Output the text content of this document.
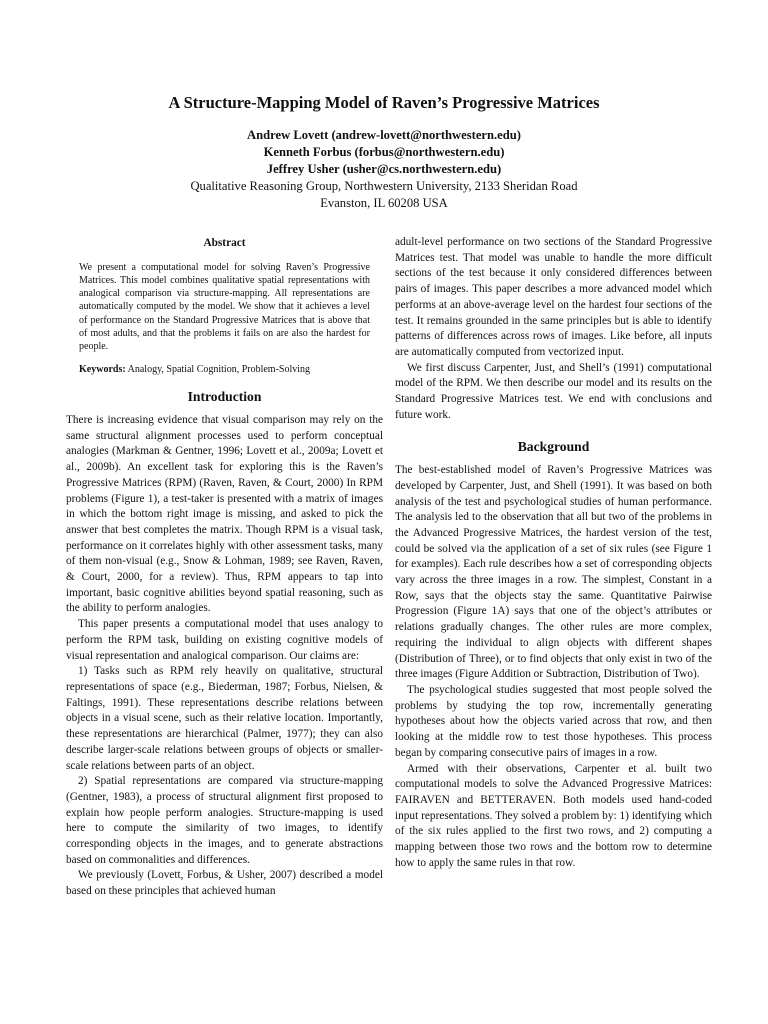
A Structure-Mapping Model of Raven’s Progressive Matrices
Andrew Lovett (andrew-lovett@northwestern.edu)
Kenneth Forbus (forbus@northwestern.edu)
Jeffrey Usher (usher@cs.northwestern.edu)
Qualitative Reasoning Group, Northwestern University, 2133 Sheridan Road
Evanston, IL 60208 USA
Abstract

We present a computational model for solving Raven’s Progressive Matrices. This model combines qualitative spatial representations with analogical comparison via structure-mapping. All representations are automatically computed by the model. We show that it achieves a level of performance on the Standard Progressive Matrices that is above that of most adults, and that the problems it fails on are also the hardest for people.

Keywords: Analogy, Spatial Cognition, Problem-Solving

Introduction

There is increasing evidence that visual comparison may rely on the same structural alignment processes used to perform conceptual analogies (Markman & Gentner, 1996; Lovett et al., 2009a; Lovett et al., 2009b). An excellent task for exploring this is the Raven’s Progressive Matrices (RPM) (Raven, Raven, & Court, 2000) In RPM problems (Figure 1), a test-taker is presented with a matrix of images in which the bottom right image is missing, and asked to pick the answer that best completes the matrix. Though RPM is a visual task, performance on it correlates highly with other assessment tasks, many of them non-visual (e.g., Snow & Lohman, 1989; see Raven, Raven, & Court, 2000, for a review). Thus, RPM appears to tap into important, basic cognitive abilities beyond spatial reasoning, such as the ability to perform analogies.

This paper presents a computational model that uses analogy to perform the RPM task, building on existing cognitive models of visual representation and analogical comparison. Our claims are:

1) Tasks such as RPM rely heavily on qualitative, structural representations of space (e.g., Biederman, 1987; Forbus, Nielsen, & Faltings, 1991). These representations describe relations between objects in a visual scene, such as their relative location. Importantly, these representations are hierarchical (Palmer, 1977); they can also describe larger-scale relations between groups of objects or smaller-scale relations between parts of an object.

2) Spatial representations are compared via structure-mapping (Gentner, 1983), a process of structural alignment first proposed to explain how people perform analogies. Structure-mapping is used here to compute the similarity of two images, to identify corresponding objects in the images, and to generate abstractions based on commonalities and differences.

We previously (Lovett, Forbus, & Usher, 2007) described a model based on these principles that achieved human

adult-level performance on two sections of the Standard Progressive Matrices test. That model was unable to handle the more difficult sections of the test because it only considered differences between pairs of images. This paper describes a more advanced model which performs at an above-average level on the hardest four sections of the test. It remains grounded in the same principles but is able to identify patterns of differences across rows of images. Like before, all inputs are automatically computed from vectorized input.

We first discuss Carpenter, Just, and Shell’s (1991) computational model of the RPM. We then describe our model and its results on the Standard Progressive Matrices test. We end with conclusions and future work.

Background

The best-established model of Raven’s Progressive Matrices was developed by Carpenter, Just, and Shell (1991). It was based on both analysis of the test and psychological studies of human performance. The analysis led to the observation that all but two of the problems in the Advanced Progressive Matrices, the hardest version of the test, could be solved via the application of a set of six rules (see Figure 1 for examples). Each rule describes how a set of corresponding objects vary across the three images in a row. The simplest, Constant in a Row, says that the objects stay the same. Quantitative Pairwise Progression (Figure 1A) says that one of the object’s attributes or relations gradually changes. The other rules are more complex, requiring the individual to align objects with different shapes (Distribution of Three), or to find objects that only exist in two of the three images (Figure Addition or Subtraction, Distribution of Two).

The psychological studies suggested that most people solved the problems by studying the top row, incrementally generating hypotheses about how the objects varied across that row, and then looking at the middle row to test those hypotheses. This process began by comparing consecutive pairs of images in a row.

Armed with their observations, Carpenter et al. built two computational models to solve the Advanced Progressive Matrices: FAIRAVEN and BETTERAVEN. Both models used hand-coded input representations. They solved a problem by: 1) identifying which of the six rules applied to the first two rows, and 2) computing a mapping between those two rows and the bottom row to determine how to apply the same rules in that row.
